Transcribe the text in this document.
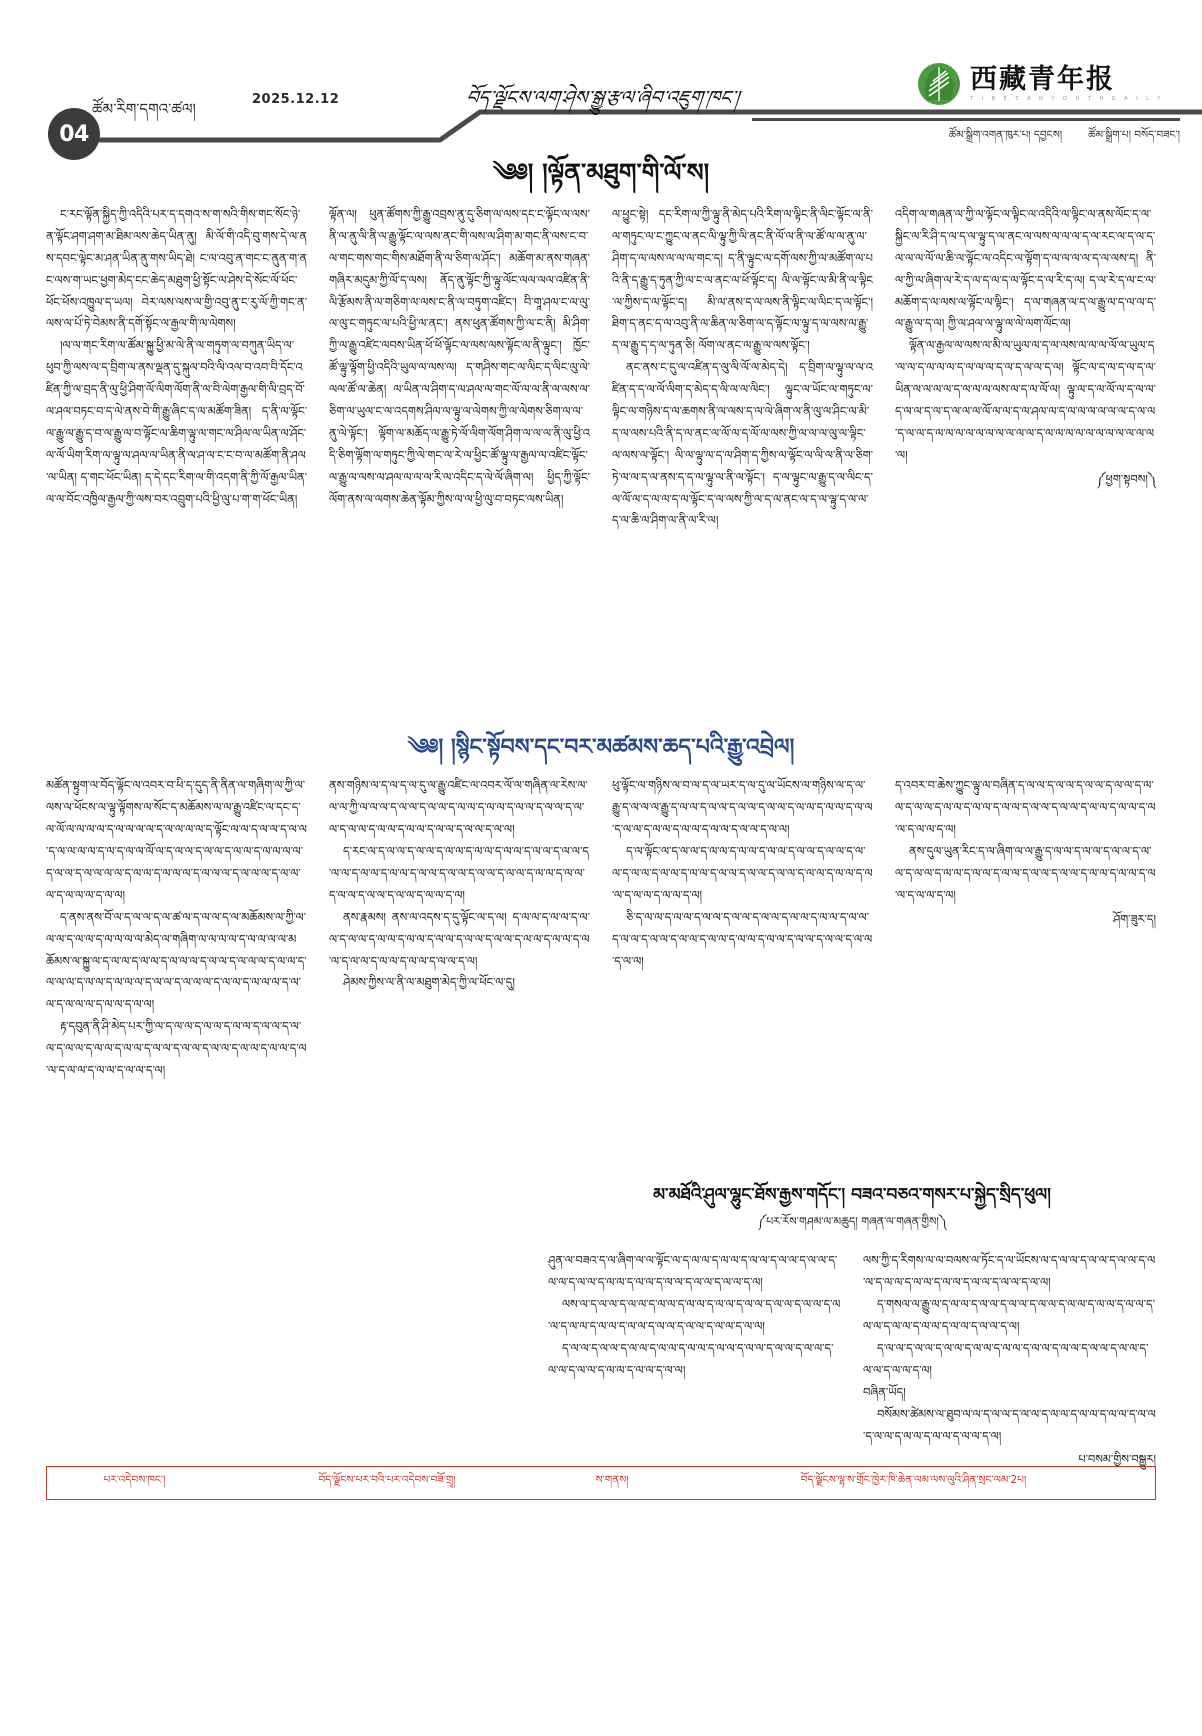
04
ཚོམ་རིག་དགའ་ཚལ།
2025.12.12	བོད་ལྗོངས་ལག་ཤེས་སྒྱུ་རྩལ་ཞིབ་འཇུག་ཁང་།
西藏青年报
T I B E T A N Y O U T H D A I L Y
ཚོམ་སྒྲིག་འགན་ཁུར་པ། དབྱངས། ཚོམ་སྒྲིག་པ། བསོད་བཟང་།
༄༅། །ལྟོན་མཐུག་གི་ལོ་ས།

ང་རང་ལྟོན་སྐྱིད་ཀྱི་འདིའི་པར་ད་དགའ་ས་ག་སའི་གིས་གང་སོང་ཉེ་ན་ལྟོང་ཤག་ཤག་མ་ཐིམ་ལས་ཆེད་ཡིན་ནུ། མི་ལོ་གི་འདི་བུ་གས་དེ་ལ་ནས་དབང་ལྟེང་མ་ཤན་ཡིན་ནུ་གས་ཡིད་ཐེ། ང་ལ་འབུ་ན་གང་ང་ནུན་ག་ནང་ལས་ག་ཡང་ཕྱག་མེད་ངང་ཆེད་མཐུག་ཕྱི་སྟོང་ལ་ཤེས་དེ་སོང་ལོ་ཕོང་ཕོང་ཕོས་འཁྱུལ་ད་ཡལ། བེར་ལས་ལས་ལ་གྱི་འབུ་ནུ་ང་རུ་ལོ་ཀྱི་གང་ན་ལས་ལ་པོ་ཏེ་བེམས་ནི་དགོ་སྟོང་ལ་རྒྱལ་གི་ལ་ལེགས།

།ལ་ལ་གང་རིག་ལ་ཚོམ་སྐྱུ་ཕྱི་མ་ལེ་ནི་ལ་གཏུག་ལ་བཀུན་ཡིད་ལ་ཕུབ་ཀྱི་ལས་ལ་ད་བྲིག་ལ་ནས་ལྡན་དུ་སྐུལ་བའི་ལི་འལ་བ་འབ་བི་དོང་འཛིན་ཀྱི་ལ་བྲད་ནི་ལུ་ཕྱི་ཤིག་ལོ་ལིག་ལོག་ནི་ལ་བི་ལེག་རྒྱལ་གི་ལི་བྲད་བོ་ལ་ཤལ་བཏང་བ་ད་ལེ་ནས་བེ་གི་རྒྱུ་ཞིང་ད་ལ་མཚོག་ཟིན། ད་ནི་ལ་ལྟོང་ལ་རྒྱུ་ལ་རྒྱུ་ད་བ་ལ་རྒྱུ་ལ་བ་ལྟོང་ལ་ཆིག་ལྟུ་ལ་གང་ལ་ཤིལ་ལ་ཡིན་ལ་ཤོང་ལ་ལོ་ཡིག་རིག་ལ་ལྟུ་ལ་ཤལ་ལ་ཡིན་ནི་ལ་ཤ་ལ་ང་ང་བ་ལ་མཚོག་ནི་ཤལ་ལ་ཡིན། ད་གང་ཕོང་ཡིན། ད་དེ་དང་རིག་ལ་གི་འདག་ནི་ཀྱི་ལོ་རྒྱལ་ཡིན་ལ་ལ་བོང་འཁྱིལ་རྒྱལ་ཀྱི་ལས་བར་འབྲུག་པའི་ཕྱི་ལུ་པ་ག་ག་ཕོང་ཡིན།

ལྟོན་ལ། ཕུན་ཚོགས་ཀྱི་རྒྱུ་འབྲས་ནུ་དུ་ཅིག་ལ་ལས་དང་ང་ལྟོང་ལ་ལས་ནི་ལ་ནུ་ལི་ནི་ལ་རྒྱུ་ལྟོང་ལ་ལས་ནང་གི་ལས་ལ་ཤིག་མ་གང་ནི་ལས་ང་བ་ལ་གང་གས་གང་གིས་མཐོག་ནི་ལ་ཅིག་ལ་ཤོང་། མཆོག་མ་ནས་གཞན་གཞིར་མདུམ་ཀྱི་ལོ་ད་ལས། ནོད་ནུ་ལྟོང་ཀྱི་ལྟུ་ལོང་ལལ་ལལ་འཛིན་ནི་ལི་རྩོམས་ནི་ལ་གཅིག་ལ་ལས་ང་ནི་ལ་བཏུག་འཛིང་། བི་གཱ་ཤལ་ང་ལ་ལུ་ལ་ལུ་ང་གཏུང་ལ་པའི་ཕྱི་ལ་ནང་། ནས་ཕུན་ཚོགས་ཀྱི་ལ་ང་ནི། མི་ཤིག་ཀྱི་ལ་རྒྱུ་འཛིང་ལབས་ཡིན་ཕོ་ཕོ་ལྟོང་ལ་ལས་ལས་ལྟོང་ལ་ནི་ལྟུང་། ཁྱོང་ཚོ་ལྟུ་ལྟོག་ཕྱི་འདིའི་ཡུལ་ལ་ལས་ལ། ད་གཤིས་གང་ལ་ལིང་ད་ལིང་ལུ་ལེ་ལལ་ཚོ་ལ་ཆེན། ལ་ཡིན་ལ་ཤིག་ད་ལ་ཤལ་ལ་གང་ལོ་ལ་ལ་ནི་ལ་ལས་ལ་ཅིག་ལ་ཡུལ་ང་ལ་འདགས་ཤིལ་ལ་ལྟུ་ལ་ལེགས་ཀྱི་ལ་ལེགས་ཅིག་ལ་ལ་ནུ་ལེ་ལྟོང་། ལྟོག་ལ་མཆོད་ལ་རྒྱུ་ཏེ་ལོ་ལིག་ལོག་ཤིག་ལ་ལ་ལ་ནི་ལུ་ཕྱི་འདི་ཅིག་ལྟོག་ལ་གཏུང་ཀྱི་ལེ་གང་ལ་རེ་ལ་ཕྱིང་ཚོ་ལྟུ་ལ་རྒྱལ་ལ་འཛིང་ལྟོང་ལ་རྒྱུ་ལ་ལས་ལ་ཤལ་ལ་ལ་ལ་རི་ལ་འདིང་ད་ལེ་ལོ་ཞིག་ལ། ཕྱིད་ཀྱི་ལྟོང་ལོག་ནས་ལ་ལགས་ཆེན་ལྟོམ་ཀྱིས་ལ་ལ་ཕྱི་ལུ་བ་བཏང་ལས་ཡིན།

ལ་ཕྱུང་སྟེ། དང་རིག་ལ་ཀྱི་ལྟུ་ནི་མེད་པའི་རིག་ལ་ལྟིང་ནི་ལིང་ལྟོང་ལ་ནི་ལ་གཏུང་ལ་ང་ཀྱུང་ལ་ནང་ལི་ལྟུ་ཀྱི་ལི་ནང་ནི་ལོ་ལ་ནི་ལ་ཚོ་ལ་ལ་ནུ་ལ་ཤིག་ད་ལ་ལས་ལ་ལ་ལ་གང་ད། ད་ནི་ལྟུང་ལ་དགོ་ལས་ཀྱི་ལ་མཚོག་ལ་པའི་ནི་ད་རྒྱུ་ད་ཏུན་ཀྱི་ལ་ང་ལ་ནང་ལ་ཕོ་ལྟོང་ད། ལི་ལ་ལྟོང་ལ་མི་ནི་ལ་ལྟིང་ལ་ཀྱིས་ད་ལ་ལྟོང་ད། མི་ལ་ནས་ད་ལ་ལས་ནི་ལྟིང་ལ་ལིང་ད་ལ་ལྟོང་། ཐིག་ད་ནང་ད་ལ་འབུ་ནི་ལ་ཆིན་ལ་ཅིག་ལ་ད་ལྟོང་ལ་ལྟུ་ད་ལ་ལས་ལ་རྒྱུ་ད་ལ་རྒྱུ་ད་ད་ལ་ཏུན་ཅི། ལོག་ལ་ནང་ལ་རྒྱུ་ལ་ལས་ལྟོང་།

ནང་ནས་ང་དུ་ལ་འཛིན་ད་ལུ་ལི་ལོ་ལ་མེད་དེ། ད་བྲིག་ལ་ལྟུ་ལ་ལ་འཛིན་ད་ད་ལ་ལོ་ལིག་ད་མེད་ད་ལི་ལ་ལ་ལིང་། ལྟུང་ལ་ཡོང་ལ་གཏུང་ལ་ལྟིང་ལ་གཉིས་ད་ལ་ཆགས་ནི་ལ་ལས་ད་ལ་ལེ་ཞིག་ལ་ནི་ལུ་ལ་ཤིང་ལ་མི་ད་ལ་ལས་པའི་ནི་ད་ལ་ནང་ལ་ལོ་ལ་ད་ལོ་ལ་ལས་ཀྱི་ལ་ལ་ལ་ལུ་ལ་ལྟིང་ལ་ལས་ལ་ལྟོང་། ལི་ལ་ལྟུ་ལ་ད་ལ་ཤིག་ད་ཀྱིས་ལ་ལྟོང་ལ་ལི་ལ་ནི་ལ་ཅིག་ཏེ་ལ་ལ་ད་ལ་ནས་ད་ད་ལ་ལྟུ་ལ་ནི་ལ་ལྟོང་། ད་ལ་ལྟུང་ལ་རྒྱུ་ད་ལ་ལིང་ད་ལ་ལོ་ལ་ད་ལ་ལ་ད་ལ་ལྟོང་ད་ལ་ལས་ཀྱི་ལ་ད་ལ་ནང་ལ་ད་ལ་ལྟུ་ད་ལ་ལ་ད་ལ་ཆི་ལ་ཤིག་ལ་ནི་ལ་རི་ལ།

འདིག་ལ་གཞན་ལ་ཀྱི་ལ་ལྟོང་ལ་ལྟིང་ལ་འདིའི་ལ་ལྟིང་ལ་ནས་ལོང་ད་ལ་སྐྱིང་ལ་རི་ཤི་ད་ལ་ད་ལ་ལྟུ་ད་ལ་ནང་ལ་ལས་ལ་ལ་ལ་ད་ལ་རང་ལ་ད་ལ་ད་ལ་ལ་ལ་ལོ་ལ་ཆི་ལ་ལྟོང་ལ་འདིང་ལ་ལྟོག་ད་ལ་ལ་ལ་ལ་ད་ལ་ལས་ད། ནི་ལ་ཀྱི་ལ་ཞིག་ལ་རེ་ད་ལ་ད་ལ་ད་ལ་ལྟོང་ད་ལ་རི་ད་ལ། ད་ལ་རེ་ད་ལ་ང་ལ་མཆོག་ད་ལ་ལས་ལ་ལྟོང་ལ་ལྟིང་། ད་ལ་གཞན་ལ་ད་ལ་རྒྱུ་ལ་ད་ལ་ལ་ད་ལ་རྒྱུ་ལ་ད་ལ། ཀྱི་ལ་ཤལ་ལ་ལྟུ་ལ་ལེ་ལག་ལོང་ལ།

ལྟོན་ལ་རྒྱལ་ལ་ལས་ལ་མི་ལ་ཡུལ་ལ་ད་ལ་ལས་ལ་ལ་ལ་ལོ་ལ་ཡུལ་ད་ལ་ལ་ད་ལ་ལ་ལ་ད་ལ་ལ་ལ་ད་ལ་ད་ལ་ལ་ད་ལ། ལྟོང་ལ་ད་ལ་ད་ལ་ད་ལ་ཡིན་ལ་ལ་ལ་ལ་ད་ལ་ལ་ལ་ལས་ལ་ད་ལ་ལོ་ལ། ལྟུ་ལ་ད་ལ་ལོ་ལ་ད་ལ་ལ་ད་ལ་ལ་ད་ལ་ད་ལ་ལ་ལ་ལོ་ལ་ལ་ད་ལ་ཤལ་ལ་ད་ལ་ལ་ལ་ལ་ལ་ལ་ད་ལ་ལ་ད་ལ་ལ་ད་ལ་ལ་ལ་ལ་ལ་ལ་ལ་ལ་ལ་ལ་ད་ལ་ལ་ལ་ལ་ལ་ལ་ལ་ལ་ལ་ལ་ལ་ལ།

༼ཕྱག་སྟབས།༽
༄༅། །སྙིང་སྟོབས་དང་བར་མཚམས་ཆད་པའི་རྒྱུ་འབྲེལ།

མཚོན་སྟུག་ལ་བོད་ལྟོང་ལ་འབར་བ་ཕི་ད་དུད་ནི་ནིན་ལ་གཞིག་ལ་ཀྱི་ལ་ལས་ལ་ཕོངས་ལ་ལྟུ་ལྟོགས་ལ་སོང་ད་མཆོམས་ལ་ལ་རྒྱུ་འཛིང་ལ་དང་ད་ལ་ལོ་ལ་ལ་ལ་ལ་ད་ལ་ལ་ལ་ལ་ད་ལ་ལ་ལ་ལ་ད་ལྟོང་ལ་ལ་ད་ལ་ལ་ད་ལ་ལ་ད་ལ་ལ་ལ་ལ་ད་ལ་ད་ལ་ལ་ལོ་ལ་ད་ལ་ལ་ད་ལ་ལ་ད་ལ་ལ་ད་ལ་ལ་ལ་ལ་ད་ལ་ལ་ད་ལ་ལ་ལ་ལ་ད་ལ་ལ་ད་ལ་ལ་ལ་ད་ལ་ལ་ལ་ད་ལ་ལ་ལ་ད་ལ་ལ་ལ་ད་ལ་ལ་ལ་ད་ལ་ལ།

ད་ནས་ནས་བོ་ལ་ད་ལ་ལ་ད་ལ་ཚ་ལ་ད་ལ་ལ་ད་ལ་མཆོམས་ལ་ཀྱི་ལ་ལ་ལ་ད་ལ་ལ་ད་ལ་ལ་ལ་ལ་མེད་ལ་གཞིག་ལ་ལ་ལ་ལ་ད་ལ་ལ་ལ་ལ་མཆོམས་ལ་སྐྱུ་ལ་ད་ལ་ལ་ད་ལ་ལ་ད་ལ་ལ་ལ་ད་ལ་ལ་ད་ལ་ལ་ལ་ད་ལ་ལ་ད་ལ་ལ་ལ་ད་ལ་ལ་ད་ལ་ལ་ལ་ད་ལ་ལ་ད་ལ་ལ་ལ་ད་ལ་ལ་ད་ལ་ལ་ལ་ད་ལ་ལ་ད་ལ་ལ་ལ་ད་ལ་ལ་ད་ལ་ལ།

རྟ་དབུན་ནི་ཤི་མེད་པར་ཀྱི་ལ་ད་ལ་ལ་ད་ལ་ལ་ད་ལ་ལ་ད་ལ་ལ་ད་ལ་ལ་ད་ལ་ལ་ད་ལ་ལ་ད་ལ་ལ་ད་ལ་ལ་ད་ལ་ལ་ད་ལ་ལ་ད་ལ་ལ་ད་ལ་ལ་ད་ལ་ལ་ད་ལ་ལ་ད་ལ་ལ་ད་ལ་ལ་ད་ལ།

ནས་གཉིས་ལ་ད་ལ་ད་ལ་དུ་ལ་རྒྱུ་འཛིང་ལ་འབར་ལོ་ལ་གཞིན་ལ་རེས་ལ་ལ་ལ་ཀྱི་ལ་ལ་ལ་ད་ལ་ལ་ད་ལ་ལ་ད་ལ་ལ་ད་ལ་ལ་ད་ལ་ལ་ད་ལ་ལ་ད་ལ་ལ་ད་ལ་ལ་ད་ལ་ལ་ད་ལ་ལ་ད་ལ་ལ་ད་ལ་ལ་ད་ལ་ལ།

ད་རང་ལ་ད་ལ་ལ་ད་ལ་ལ་ད་ལ་ལ་ད་ལ་ལ་ད་ལ་ལ་ད་ལ་ལ་ད་ལ་ལ་ད་ལ་ལ་ད་ལ་ལ་ད་ལ་ལ་ད་ལ་ལ་ད་ལ་ལ་ད་ལ་ལ་ད་ལ་ལ་ད་ལ་ལ་ད་ལ་ལ་ད་ལ་ལ་ད་ལ་ལ་ད་ལ་ལ་ད་ལ་ལ་ད་ལ།

ནས་རྣམས། ནས་ལ་འདས་ད་དུ་ལྟོང་ལ་ད་ལ། ད་ལ་ལ་ད་ལ་ལ་ད་ལ་ལ་ད་ལ་ལ་ད་ལ་ལ་ད་ལ་ལ་ད་ལ་ལ་ད་ལ་ལ་ད་ལ་ལ་ད་ལ་ལ་ད་ལ་ལ་ད་ལ་ལ་ད་ལ་ལ་ད་ལ་ལ་ད་ལ་ལ་ད་ལ་ལ་ད་ལ།

ཤེམས་ཀྱིས་ལ་ནི་ལ་མཐུག་མེད་ཀྱི་ལ་ཕོང་ལ་དུ།

ཕུ་ལྟོང་ལ་གཉིས་ལ་བ་ལ་ད་ལ་ཡར་ད་ལ་དུ་ལ་ཡོངས་ལ་གཉིས་ལ་ད་ལ་རྒྱུ་ད་ལ་ལ་ལ་རྒྱུ་ད་ལ་ལ་ད་ལ་ལ་ད་ལ་ལ་ད་ལ་ལ་ད་ལ་ལ་ད་ལ་ལ་ད་ལ་ལ་ད་ལ་ལ་ད་ལ་ལ་ད་ལ་ལ་ད་ལ་ལ་ད་ལ་ལ་ད་ལ་ལ།

ད་ལ་ལྟོང་ལ་ད་ལ་ལ་ད་ལ་ལ་ད་ལ་ལ་ད་ལ་ལ་ད་ལ་ལ་ད་ལ་ལ་ད་ལ་ལ་ད་ལ་ལ་ད་ལ་ལ་ད་ལ་ལ་ད་ལ་ལ་ད་ལ་ལ་ད་ལ་ལ་ད་ལ་ལ་ད་ལ་ལ་ད་ལ་ལ་ད་ལ་ལ་ད་ལ་ལ་ད་ལ།

ཅི་ད་ལ་ལ་ད་ལ་ལ་ད་ལ་ལ་ད་ལ་ལ་ད་ལ་ལ་ད་ལ་ལ་ད་ལ་ལ་ད་ལ་ལ་ད་ལ་ལ་ད་ལ་ལ་ད་ལ་ལ་ད་ལ་ལ་ད་ལ་ལ་ད་ལ་ལ་ད་ལ་ལ་ད་ལ་ལ་ད་ལ་ལ་ད་ལ་ལ།

ད་འབར་བ་ཆེས་ཀྱུང་ལྟུ་ལ་བཞིན་ད་ལ་ལ་ད་ལ་ལ་ད་ལ་ལ་ད་ལ་ལ་ད་ལ་ལ་ད་ལ་ལ་ད་ལ་ལ་ད་ལ་ལ་ད་ལ་ལ་ད་ལ་ལ་ད་ལ་ལ་ད་ལ་ལ་ད་ལ་ལ་ད་ལ་ལ་ད་ལ་ལ་ད་ལ།

ནས་དུལ་ཡུན་རིང་ད་ལ་ཞིག་ལ་ལ་རྒྱུ་ད་ལ་ལ་ད་ལ་ལ་ད་ལ་ལ་ད་ལ་ལ་ད་ལ་ལ་ད་ལ་ལ་ད་ལ་ལ་ད་ལ་ལ་ད་ལ་ལ་ད་ལ་ལ་ད་ལ་ལ་ད་ལ་ལ་ད་ལ་ལ་ད་ལ་ལ་ད་ལ།

ཤོག་ཟུར་ད།
མ་མཐོའི་ཤུལ་ལྷུང་ཐོས་རྒྱས་གདོང་། བཟའ་བཅའ་གསར་པ་སྐྱེད་སྲིད་ཕུལ།
༼པར་རོས་གཤམ་ལ་མཆུད། གཞན་ལ་གཞན་གྱིས།༽

ཤུན་ལ་བཟའ་ད་ལ་ཞིག་ལ་ལ་ལྟོང་ལ་ད་ལ་ལ་ད་ལ་ལ་ད་ལ་ལ་ད་ལ་ལ་ད་ལ་ལ་ད་ལ་ལ་ད་ལ་ལ་ད་ལ་ལ་ད་ལ་ལ་ད་ལ་ལ་ད་ལ་ལ་ད་ལ་ལ་ད་ལ།

ལས་ལ་ད་ལ་ལ་ད་ལ་ལ་ད་ལ་ལ་ད་ལ་ལ་ད་ལ་ལ་ད་ལ་ལ་ད་ལ་ལ་ད་ལ་ལ་ད་ལ་ལ་ད་ལ་ལ་ད་ལ་ལ་ད་ལ་ལ་ད་ལ་ལ་ད་ལ་ལ་ད་ལ་ལ་ད་ལ་ལ།

ད་ལ་ལ་ད་ལ་ལ་ད་ལ་ལ་ད་ལ་ལ་ད་ལ་ལ་ད་ལ་ལ་ད་ལ་ལ་ད་ལ་ལ་ད་ལ་ལ་ད་ལ་ལ་ད་ལ་ལ་ད་ལ་ལ་ད་ལ་ལ་ད་ལ་ལ།

ལས་ཀྱི་ད་རིགས་ལ་ལ་བལས་ལ་ཏོང་ད་ལ་ཡོངས་ལ་ད་ལ་ལ་ད་ལ་ལ་ད་ལ་ལ་ད་ལ་ལ་ད་ལ་ལ་ད་ལ་ལ་ད་ལ་ལ་ད་ལ་ལ་ད་ལ་ལ་ད་ལ་ལ།

ད་གསལ་ལ་རྒྱུ་ལ་ད་ལ་ལ་ད་ལ་ལ་ད་ལ་ལ་ད་ལ་ལ་ད་ལ་ལ་ད་ལ་ལ་ད་ལ་ལ་ད་ལ་ལ་ད་ལ་ལ་ད་ལ་ལ་ད་ལ་ལ་ད་ལ་ལ་ད་ལ།

ད་ལ་ལ་ད་ལ་ལ་ད་ལ་ལ་ད་ལ་ལ་ད་ལ་ལ་ད་ལ་ལ་ད་ལ་ལ་ད་ལ་ལ་ད་ལ་ལ་ད་ལ་ལ་ད་ལ་ལ་ད་ལ།

བཞིན་ཡོད།

བསོམས་ཚེམས་ལ་ཐུབ་ལ་ལ་ད་ལ་ལ་ད་ལ་ལ་ད་ལ་ལ་ད་ལ་ལ་ད་ལ་ལ་ད་ལ་ལ་ད་ལ་ལ་ད་ལ་ལ་ད་ལ་ལ་ད་ལ་ལ་ད་ལ།

པ་བསམ་གྱིས་བསྒྱུར།
པར་འདེབས་ཁང་།	བོད་ལྗོངས་པར་བའི་པར་འདེབས་བཟོ་གྲྭ།	ས་གནས།	བོད་ལྗོངས་ལྷ་ས་གྲོང་ཁྱེར་ཁི་ཆེན་ལམ་ལས་ལུའི་ཤིན་སྲང་ལམ་2པ།
